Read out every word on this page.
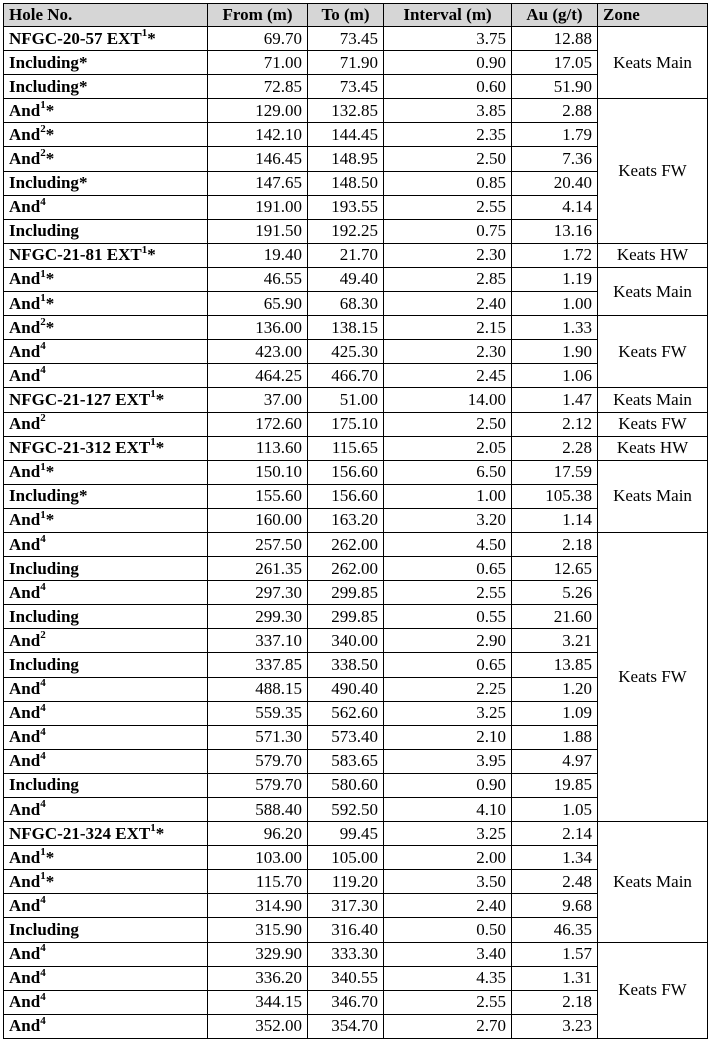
Hole No.	From (m)	To (m)	Interval (m)	Au (g/t)	Zone
NFGC-20-57 EXT$^1$*	69.70	73.45	3.75	12.88	Keats Main
Including*	71.00	71.90	0.90	17.05	
Including*	72.85	73.45	0.60	51.90	
And$^1$*	129.00	132.85	3.85	2.88	Keats FW
And$^2$*	142.10	144.45	2.35	1.79	
And$^2$*	146.45	148.95	2.50	7.36	
Including*	147.65	148.50	0.85	20.40	
And$^4$	191.00	193.55	2.55	4.14	
Including	191.50	192.25	0.75	13.16	
NFGC-21-81 EXT$^1$*	19.40	21.70	2.30	1.72	Keats HW
And$^1$*	46.55	49.40	2.85	1.19	Keats Main
And$^1$*	65.90	68.30	2.40	1.00	
And$^2$*	136.00	138.15	2.15	1.33	Keats FW
And$^4$	423.00	425.30	2.30	1.90	
And$^4$	464.25	466.70	2.45	1.06	
NFGC-21-127 EXT$^1$*	37.00	51.00	14.00	1.47	Keats Main
And$^2$	172.60	175.10	2.50	2.12	Keats FW
NFGC-21-312 EXT$^1$*	113.60	115.65	2.05	2.28	Keats HW
And$^1$*	150.10	156.60	6.50	17.59	Keats Main
Including*	155.60	156.60	1.00	105.38	
And$^1$*	160.00	163.20	3.20	1.14	
And$^4$	257.50	262.00	4.50	2.18	Keats FW
Including	261.35	262.00	0.65	12.65	
And$^4$	297.30	299.85	2.55	5.26	
Including	299.30	299.85	0.55	21.60	
And$^2$	337.10	340.00	2.90	3.21	
Including	337.85	338.50	0.65	13.85	
And$^4$	488.15	490.40	2.25	1.20	
And$^4$	559.35	562.60	3.25	1.09	
And$^4$	571.30	573.40	2.10	1.88	
And$^4$	579.70	583.65	3.95	4.97	
Including	579.70	580.60	0.90	19.85	
And$^4$	588.40	592.50	4.10	1.05	
NFGC-21-324 EXT$^1$*	96.20	99.45	3.25	2.14	Keats Main
And$^1$*	103.00	105.00	2.00	1.34	
And$^1$*	115.70	119.20	3.50	2.48	
And$^4$	314.90	317.30	2.40	9.68	
Including	315.90	316.40	0.50	46.35	
And$^4$	329.90	333.30	3.40	1.57	Keats FW
And$^4$	336.20	340.55	4.35	1.31	
And$^4$	344.15	346.70	2.55	2.18	
And$^4$	352.00	354.70	2.70	3.23	
